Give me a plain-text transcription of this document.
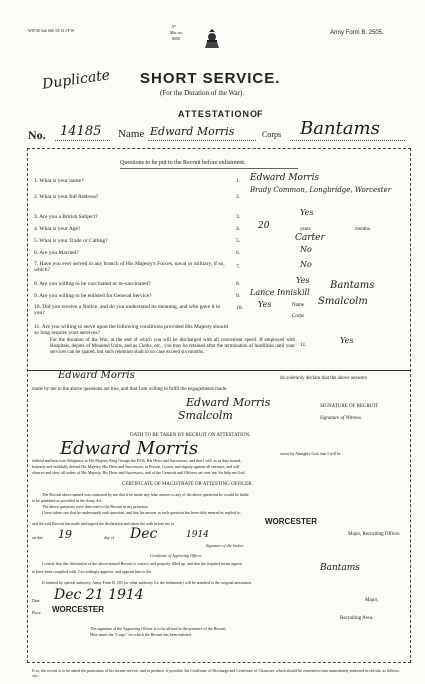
W8740 Sub 666 10/14 J P W
97
Mis. no.
0000
Army Form B. 2505.
Duplicate SHORT SERVICE.
(For the Duration of the War).
ATTESTATION OF
No. 14185 Name Edward Morris	Corps Bantams
Questions to be put to the Recruit before enlistment.
1. What is your name?	1. Edward Morris
2. What is your full Address?	2.
Brady Common, Longbridge, Worcester
3. Are you a British Subject?	3.	Yes
4. What is your Age?	4. 20	years	months.
5. What is your Trade or Calling?	5.	Carter
6. Are you Married?	6.	No
7. Have you ever served in any branch of His Majesty's Forces, naval or military, if so, which?	7.	No
8. Are you willing to be vaccinated or re-vaccinated?	8.	Yes
9. Are you willing to be enlisted for General Service?	9. Lance Inniskill
Bantams
10. Did you receive a Notice, and do you understand its meaning, and who gave it to you?
10. Yes	Name Smalcolm
Corps
11. Are you willing to serve upon the following conditions provided His Majesty should so long require your services?
For the duration of the War, at the end of which you will be discharged with all convenient speed. If employed with Hospitals, depots of Mounted Units, and as Clerks, etc., you may be retained after the termination of hostilities until your services can be spared, but such retention shall in no case exceed six months.
11.	Yes
Edward Morris	do solemnly declare that the above answers
made by me to the above questions are true, and that I am willing to fulfil the engagements made.
Edward Morris	SIGNATURE OF RECRUIT
Smalcolm	Signature of Witness
OATH TO BE TAKEN BY RECRUIT ON ATTESTATION.
Edward Morris	swear by Almighty God, that I will be
faithful and bear true Allegiance to His Majesty King George the Fifth, His Heirs and Successors, and that I will, as in duty bound,
honestly and faithfully defend His Majesty, His Heirs and Successors, in Person, Crown, and dignity against all enemies, and will
observe and obey all orders of His Majesty, His Heirs and Successors, and of the Generals and Officers set over me. So help me God.
CERTIFICATE OF MAGISTRATE OR ATTESTING OFFICER.
The Recruit above named was cautioned by me that if he made any false answer to any of the above questions he would be liable
to be punished as provided in the Army Act.
The above questions were then read to the Recruit in my presence.
I have taken care that he understands each question, and that his answer to each question has been duly entered as replied to,
and the said Recruit has made and signed the declaration and taken the oath before me at	WORCESTER
on this 19	day of Dec	1914
Signature of the Justice
Major, Recruiting Officer.
Certificate of Approving Officer.
I certify that this Attestation of the above-named Recruit is correct, and properly filled up, and that the required forms appear
to have been complied with. I accordingly approve, and appoint him to the	Bantams
If enlisted by special authority, Army Form B. 203 (or other authority for the enlistment) will be attached to the original attestation.
Date Dec 21 1914
Place WORCESTER
Major,
Recruiting Area.
The signature of the Approving Officer is to be affixed in the presence of the Recruit.
Here insert the "Corps" for which the Recruit has been enlisted.
If so, the recruit is to be asked the particulars of his former service, and to produce, if possible, his Certificate of Discharge and Certificate of Character, which should be returned to him immediately endorsed in red ink, as follows, viz.:
